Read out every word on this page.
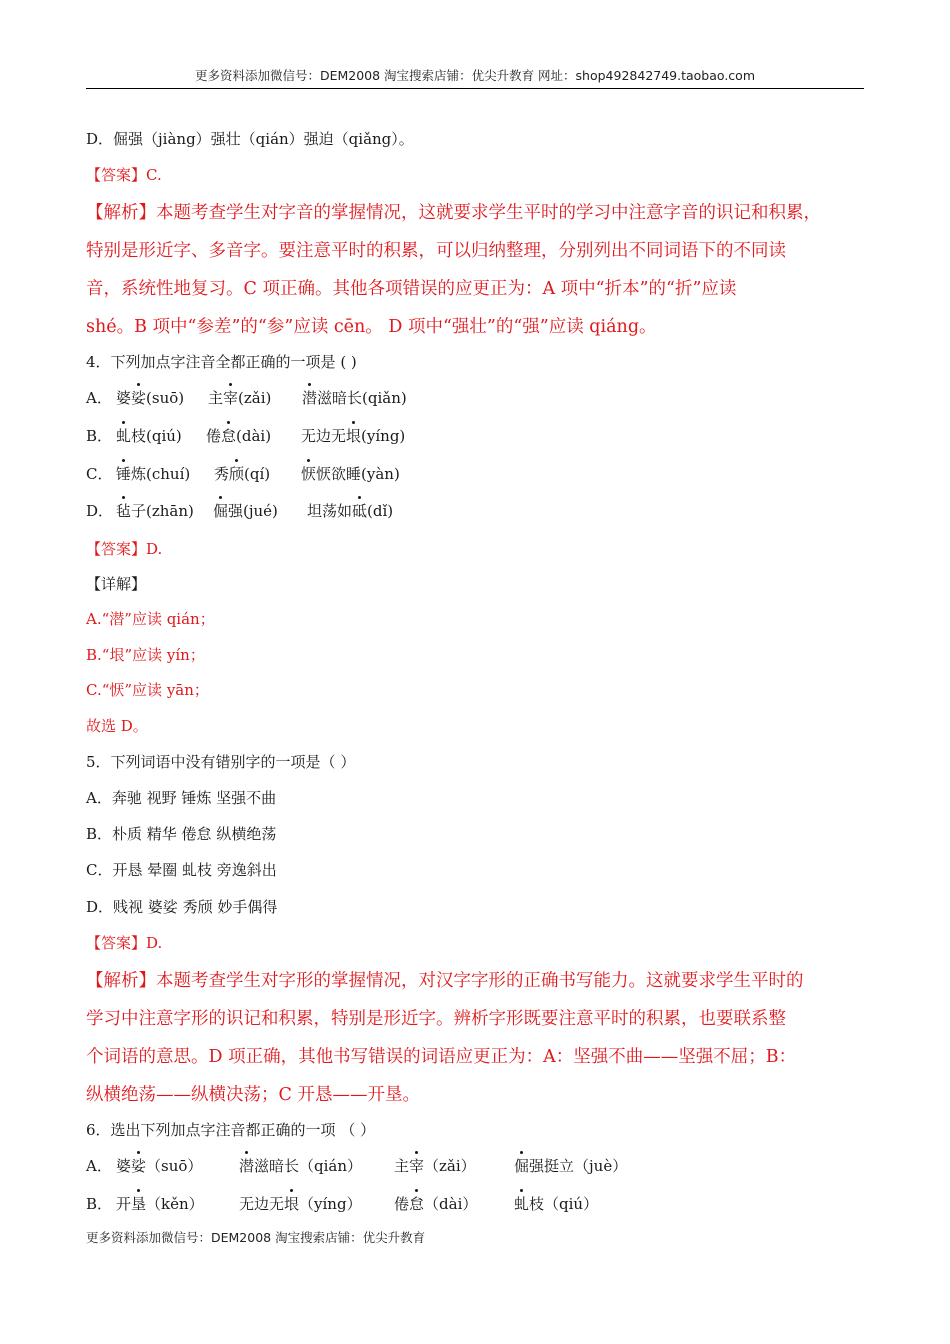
更多资料添加微信号：DEM2008 淘宝搜索店铺：优尖升教育 网址：shop492842749.taobao.com
D．倔强（jiàng）强壮（qián）强迫（qiǎng）。
【答案】C.
【解析】本题考查学生对字音的掌握情况，这就要求学生平时的学习中注意字音的识记和积累，
特别是形近字、多音字。要注意平时的积累，可以归纳整理，分别列出不同词语下的不同读
音，系统性地复习。C 项正确。其他各项错误的应更正为：A 项中“折本”的“折”应读
shé。B 项中“参差”的“参”应读 cēn。 D 项中“强壮”的“强”应读 qiáng。
4．下列加点字注音全都正确的一项是 ( )
A． 婆娑(suō) 主宰(zǎi) 潜滋暗长(qiǎn)
B． 虬枝(qiú) 倦怠(dài) 无边无垠(yíng)
C． 锤炼(chuí) 秀颀(qí) 恹恹欲睡(yàn)
D． 毡子(zhān) 倔强(jué) 坦荡如砥(dǐ)
【答案】D.
【详解】
A.“潜”应读 qián；
B.“垠”应读 yín；
C.“恹”应读 yān；
故选 D。
5．下列词语中没有错别字的一项是（ ）
A．奔驰 视野 锤炼 坚强不曲
B．朴质 精华 倦怠 纵横绝荡
C．开恳 晕圈 虬枝 旁逸斜出
D．贱视 婆娑 秀颀 妙手偶得
【答案】D.
【解析】本题考查学生对字形的掌握情况，对汉字字形的正确书写能力。这就要求学生平时的
学习中注意字形的识记和积累，特别是形近字。辨析字形既要注意平时的积累，也要联系整
个词语的意思。D 项正确，其他书写错误的词语应更正为：A：坚强不曲——坚强不屈；B：
纵横绝荡——纵横决荡；C 开恳——开垦。
6．选出下列加点字注音都正确的一项 （ ）
A． 婆娑（suō） 潜滋暗长（qián） 主宰（zǎi）	倔强挺立（juè）
B． 开垦（kěn） 无边无垠（yíng） 倦怠（dài） 虬枝（qiú）
更多资料添加微信号：DEM2008 淘宝搜索店铺：优尖升教育
